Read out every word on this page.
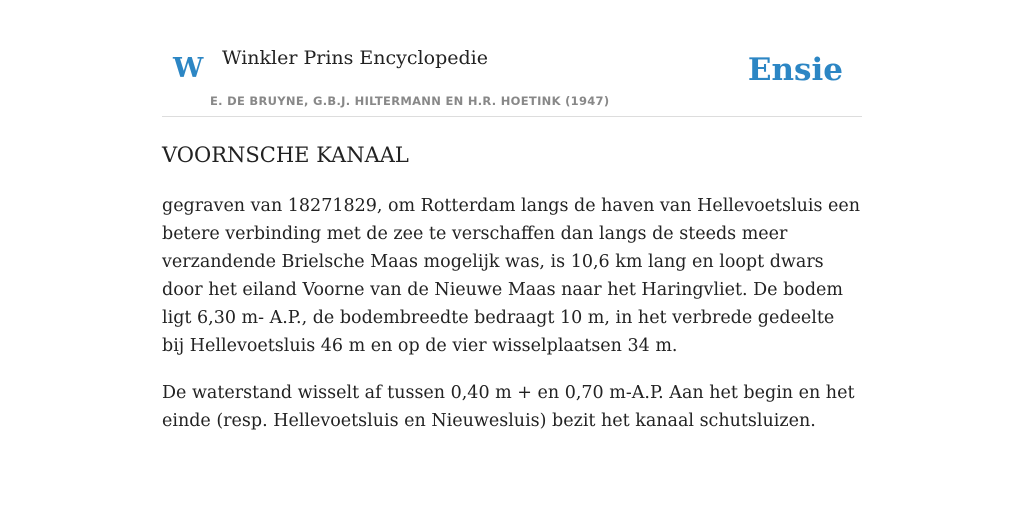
W Winkler Prins Encyclopedie
E. DE BRUYNE, G.B.J. HILTERMANN EN H.R. HOETINK (1947)
Ensie
VOORNSCHE KANAAL

gegraven van 18271829, om Rotterdam langs de haven van Hellevoetsluis een betere verbinding met de zee te verschaffen dan langs de steeds meer verzandende Brielsche Maas mogelijk was, is 10,6 km lang en loopt dwars door het eiland Voorne van de Nieuwe Maas naar het Haringvliet. De bodem ligt 6,30 m- A.P., de bodembreedte bedraagt 10 m, in het verbrede gedeelte bij Hellevoetsluis 46 m en op de vier wisselplaatsen 34 m.

De waterstand wisselt af tussen 0,40 m + en 0,70 m-A.P. Aan het begin en het einde (resp. Hellevoetsluis en Nieuwesluis) bezit het kanaal schutsluizen.
